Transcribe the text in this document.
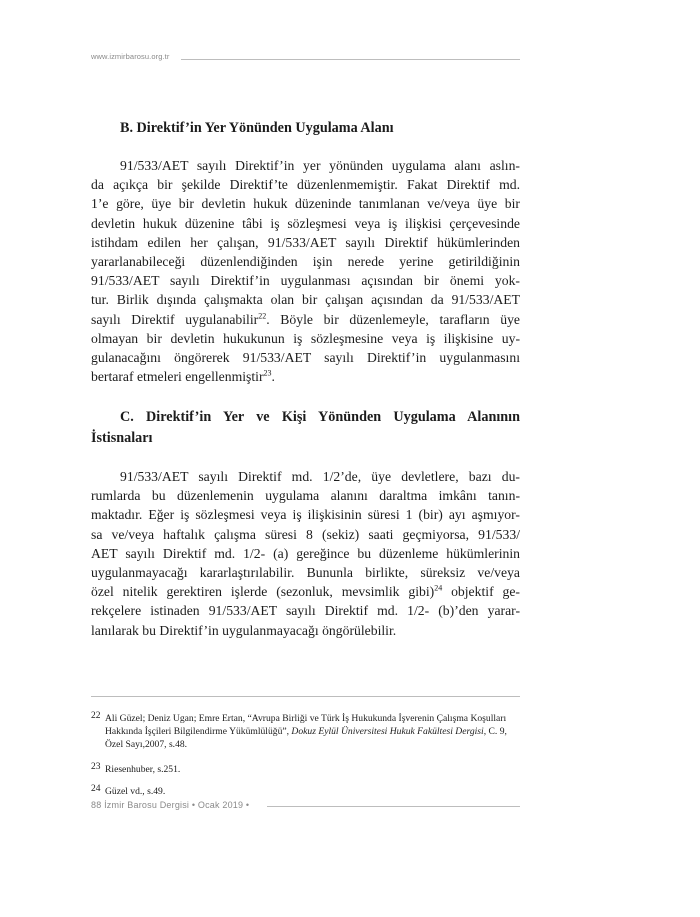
www.izmirbarosu.org.tr
B. Direktif’in Yer Yönünden Uygulama Alanı

91/533/AET sayılı Direktif’in yer yönünden uygulama alanı aslın-
da açıkça bir şekilde Direktif’te düzenlenmemiştir. Fakat Direktif md.
1’e göre, üye bir devletin hukuk düzeninde tanımlanan ve/veya üye bir
devletin hukuk düzenine tâbi iş sözleşmesi veya iş ilişkisi çerçevesinde
istihdam edilen her çalışan, 91/533/AET sayılı Direktif hükümlerinden
yararlanabileceği düzenlendiğinden işin nerede yerine getirildiğinin
91/533/AET sayılı Direktif’in uygulanması açısından bir önemi yok-
tur. Birlik dışında çalışmakta olan bir çalışan açısından da 91/533/AET
sayılı Direktif uygulanabilir$^{22}$. Böyle bir düzenlemeyle, tarafların üye
olmayan bir devletin hukukunun iş sözleşmesine veya iş ilişkisine uy-
gulanacağını öngörerek 91/533/AET sayılı Direktif’in uygulanmasını
bertaraf etmeleri engellenmiştir$^{23}$.

C. Direktif’in Yer ve Kişi Yönünden Uygulama Alanının
İstisnaları

91/533/AET sayılı Direktif md. 1/2’de, üye devletlere, bazı du-
rumlarda bu düzenlemenin uygulama alanını daraltma imkânı tanın-
maktadır. Eğer iş sözleşmesi veya iş ilişkisinin süresi 1 (bir) ayı aşmıyor-
sa ve/veya haftalık çalışma süresi 8 (sekiz) saati geçmiyorsa, 91/533/
AET sayılı Direktif md. 1/2- (a) gereğince bu düzenleme hükümlerinin
uygulanmayacağı kararlaştırılabilir. Bununla birlikte, süreksiz ve/veya
özel nitelik gerektiren işlerde (sezonluk, mevsimlik gibi)$^{24}$ objektif ge-
rekçelere istinaden 91/533/AET sayılı Direktif md. 1/2- (b)’den yarar-
lanılarak bu Direktif’in uygulanmayacağı öngörülebilir.

22 Ali Güzel; Deniz Ugan; Emre Ertan, “Avrupa Birliği ve Türk İş Hukukunda İşverenin Çalışma Koşulları
Hakkında İşçileri Bilgilendirme Yükümlülüğü”, Dokuz Eylül Üniversitesi Hukuk Fakültesi Dergisi, C. 9,
Özel Sayı,2007, s.48.
23 Riesenhuber, s.251.
24 Güzel vd., s.49.
88 İzmir Barosu Dergisi • Ocak 2019 •
